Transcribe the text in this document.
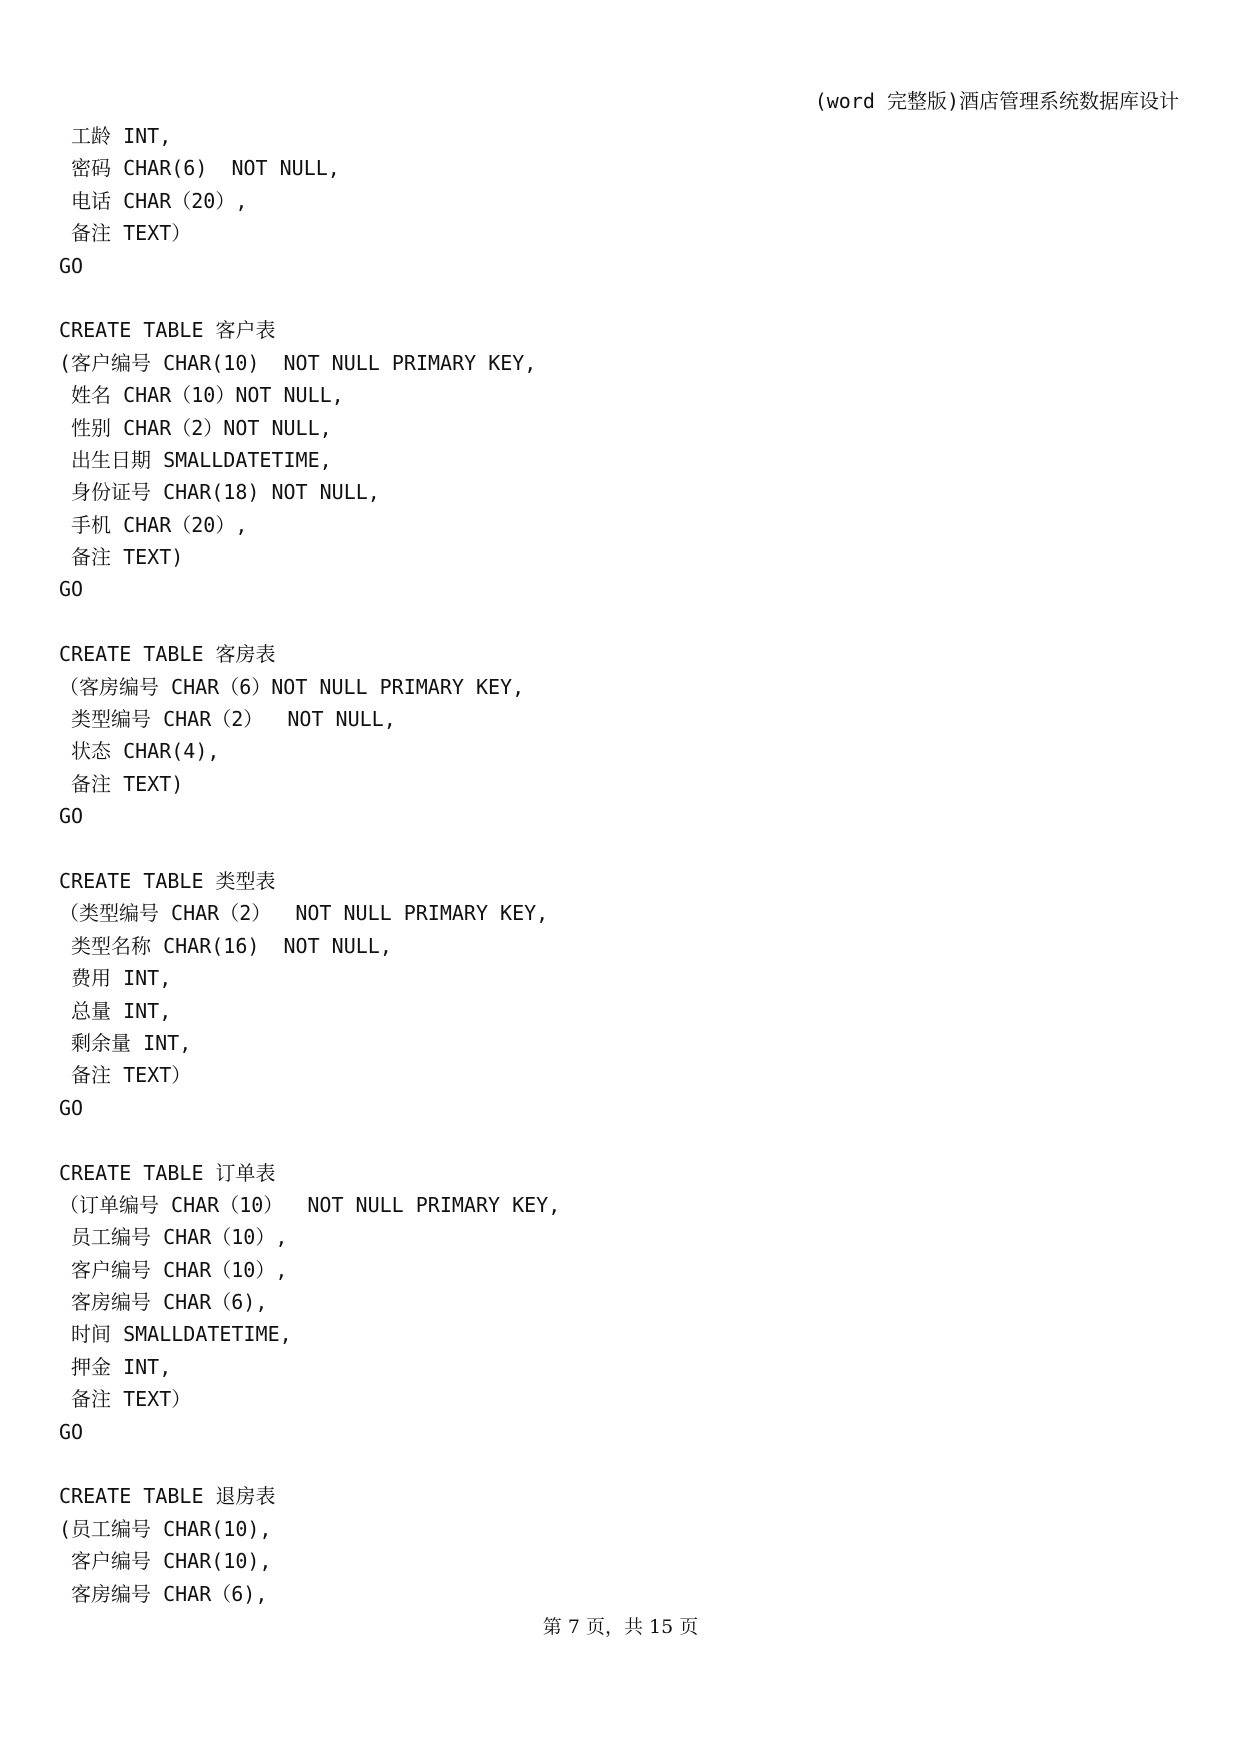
(word 完整版)酒店管理系统数据库设计
工龄 INT,
密码 CHAR(6)  NOT NULL,
电话 CHAR（20）,
备注 TEXT）
GO
CREATE TABLE 客户表
(客户编号 CHAR(10)  NOT NULL PRIMARY KEY,
姓名 CHAR（10）NOT NULL,
性别 CHAR（2）NOT NULL,
出生日期 SMALLDATETIME,
身份证号 CHAR(18) NOT NULL,
手机 CHAR（20）,
备注 TEXT)
GO
CREATE TABLE 客房表
（客房编号 CHAR（6）NOT NULL PRIMARY KEY,
类型编号 CHAR（2）  NOT NULL,
状态 CHAR(4),
备注 TEXT)
GO
CREATE TABLE 类型表
（类型编号 CHAR（2）  NOT NULL PRIMARY KEY,
类型名称 CHAR(16)  NOT NULL,
费用 INT,
总量 INT,
剩余量 INT,
备注 TEXT）
GO
CREATE TABLE 订单表
（订单编号 CHAR（10）  NOT NULL PRIMARY KEY,
员工编号 CHAR（10）,
客户编号 CHAR（10）,
客房编号 CHAR（6),
时间 SMALLDATETIME,
押金 INT,
备注 TEXT）
GO
CREATE TABLE 退房表
(员工编号 CHAR(10),
客户编号 CHAR(10),
客房编号 CHAR（6),
第 7 页，共 15 页
